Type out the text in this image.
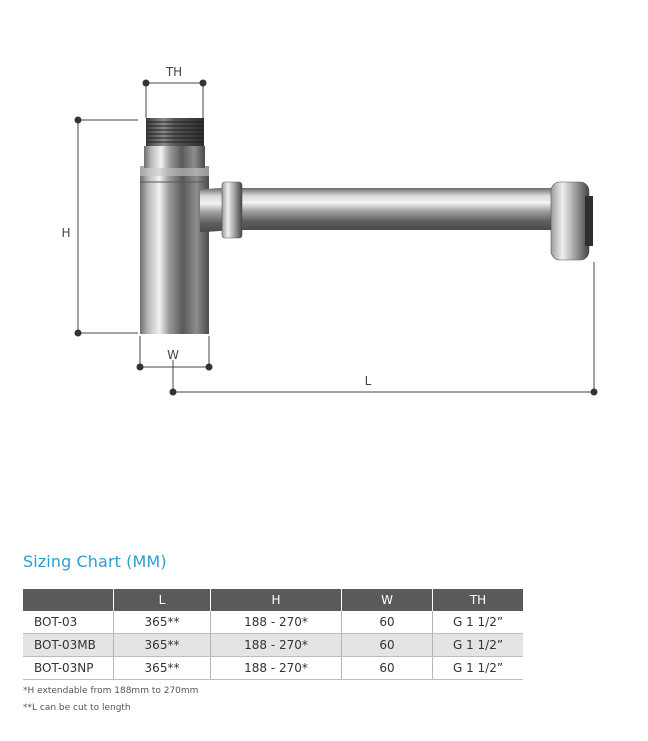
TH
H
W
L
Sizing Chart (MM)
	L	H	W	TH
BOT-03	365**	188 - 270*	60	G 1 1/2”
BOT-03MB	365**	188 - 270*	60	G 1 1/2”
BOT-03NP	365**	188 - 270*	60	G 1 1/2”
*H extendable from 188mm to 270mm
**L can be cut to length
